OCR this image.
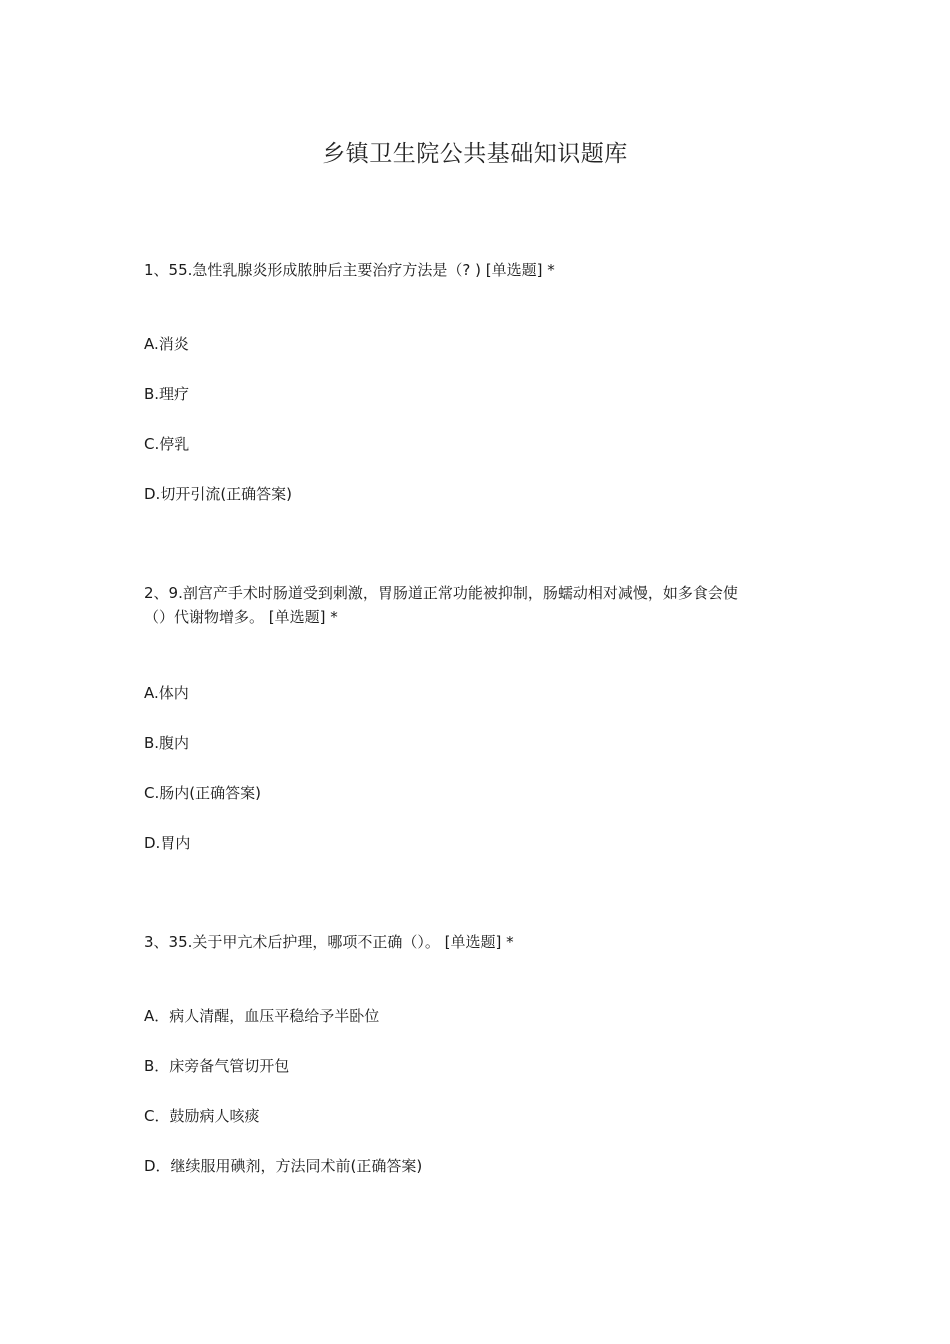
乡镇卫生院公共基础知识题库
1、55.急性乳腺炎形成脓肿后主要治疗方法是（? ) [单选题] *
A.消炎
B.理疗
C.停乳
D.切开引流(正确答案)
2、9.剖宫产手术时肠道受到刺激，胃肠道正常功能被抑制，肠蠕动相对减慢，如多食会使
（）代谢物增多。 [单选题] *
A.体内
B.腹内
C.肠内(正确答案)
D.胃内
3、35.关于甲亢术后护理，哪项不正确（）。 [单选题] *
A．病人清醒，血压平稳给予半卧位
B．床旁备气管切开包
C．鼓励病人咳痰
D．继续服用碘剂，方法同术前(正确答案)
